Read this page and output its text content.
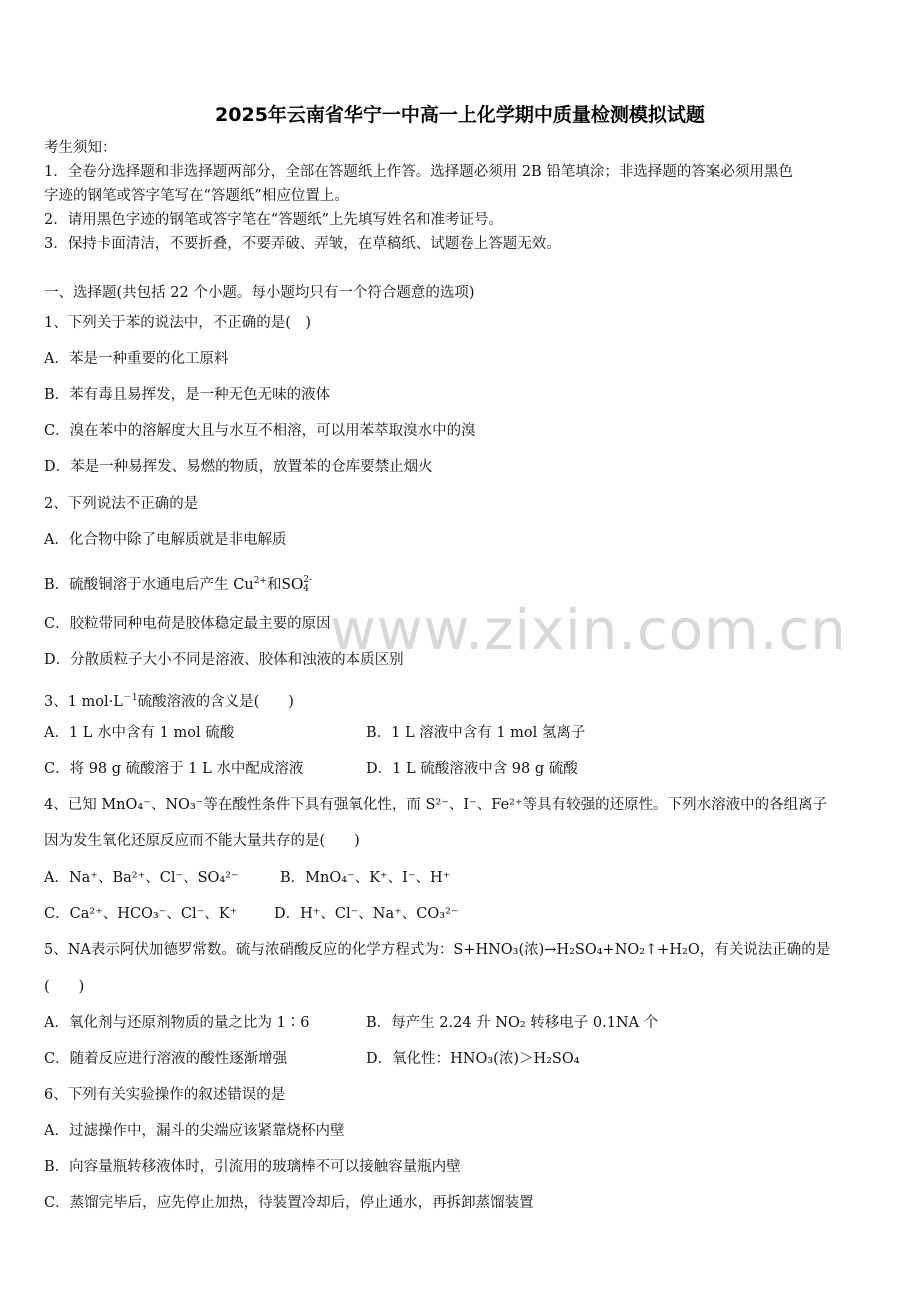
www.zixin.com.cn
2025年云南省华宁一中高一上化学期中质量检测模拟试题
考生须知：
1．全卷分选择题和非选择题两部分，全部在答题纸上作答。选择题必须用 2B 铅笔填涂；非选择题的答案必须用黑色
字迹的钢笔或答字笔写在“答题纸”相应位置上。
2．请用黑色字迹的钢笔或答字笔在“答题纸”上先填写姓名和准考证号。
3．保持卡面清洁，不要折叠，不要弄破、弄皱，在草稿纸、试题卷上答题无效。
一、选择题(共包括 22 个小题。每小题均只有一个符合题意的选项)
1、下列关于苯的说法中，不正确的是(　)
A．苯是一种重要的化工原料
B．苯有毒且易挥发，是一种无色无味的液体
C．溴在苯中的溶解度大且与水互不相溶，可以用苯萃取溴水中的溴
D．苯是一种易挥发、易燃的物质，放置苯的仓库要禁止烟火
2、下列说法不正确的是
A．化合物中除了电解质就是非电解质
B．硫酸铜溶于水通电后产生 $Cu^{2+}$和SO 2-
4
C．胶粒带同种电荷是胶体稳定最主要的原因
D．分散质粒子大小不同是溶液、胶体和浊液的本质区别
3、1 $mol\cdot L^{-1}$硫酸溶液的含义是(　　)
A．1 L 水中含有 1 mol 硫酸	B．1 L 溶液中含有 1 mol 氢离子
C．将 98 g 硫酸溶于 1 L 水中配成溶液	D．1 L 硫酸溶液中含 98 g 硫酸
4、已知 MnO₄⁻、NO₃⁻等在酸性条件下具有强氧化性，而 S²⁻、I⁻、Fe²⁺等具有较强的还原性。下列水溶液中的各组离子
因为发生氧化还原反应而不能大量共存的是(　　)
A．Na⁺、Ba²⁺、Cl⁻、SO₄²⁻	B．MnO₄⁻、K⁺、I⁻、H⁺
C．Ca²⁺、HCO₃⁻、Cl⁻、K⁺	D．H⁺、Cl⁻、Na⁺、CO₃²⁻
5、NA表示阿伏加德罗常数。硫与浓硝酸反应的化学方程式为：S+HNO₃(浓)→H₂SO₄+NO₂↑+H₂O，有关说法正确的是
(　　)
A．氧化剂与还原剂物质的量之比为 1∶6	B．每产生 2.24 升 NO₂ 转移电子 0.1NA 个
C．随着反应进行溶液的酸性逐渐增强	D．氧化性：HNO₃(浓)＞H₂SO₄
6、下列有关实验操作的叙述错误的是
A．过滤操作中，漏斗的尖端应该紧靠烧杯内壁
B．向容量瓶转移液体时，引流用的玻璃棒不可以接触容量瓶内壁
C．蒸馏完毕后，应先停止加热，待装置冷却后，停止通水，再拆卸蒸馏装置
